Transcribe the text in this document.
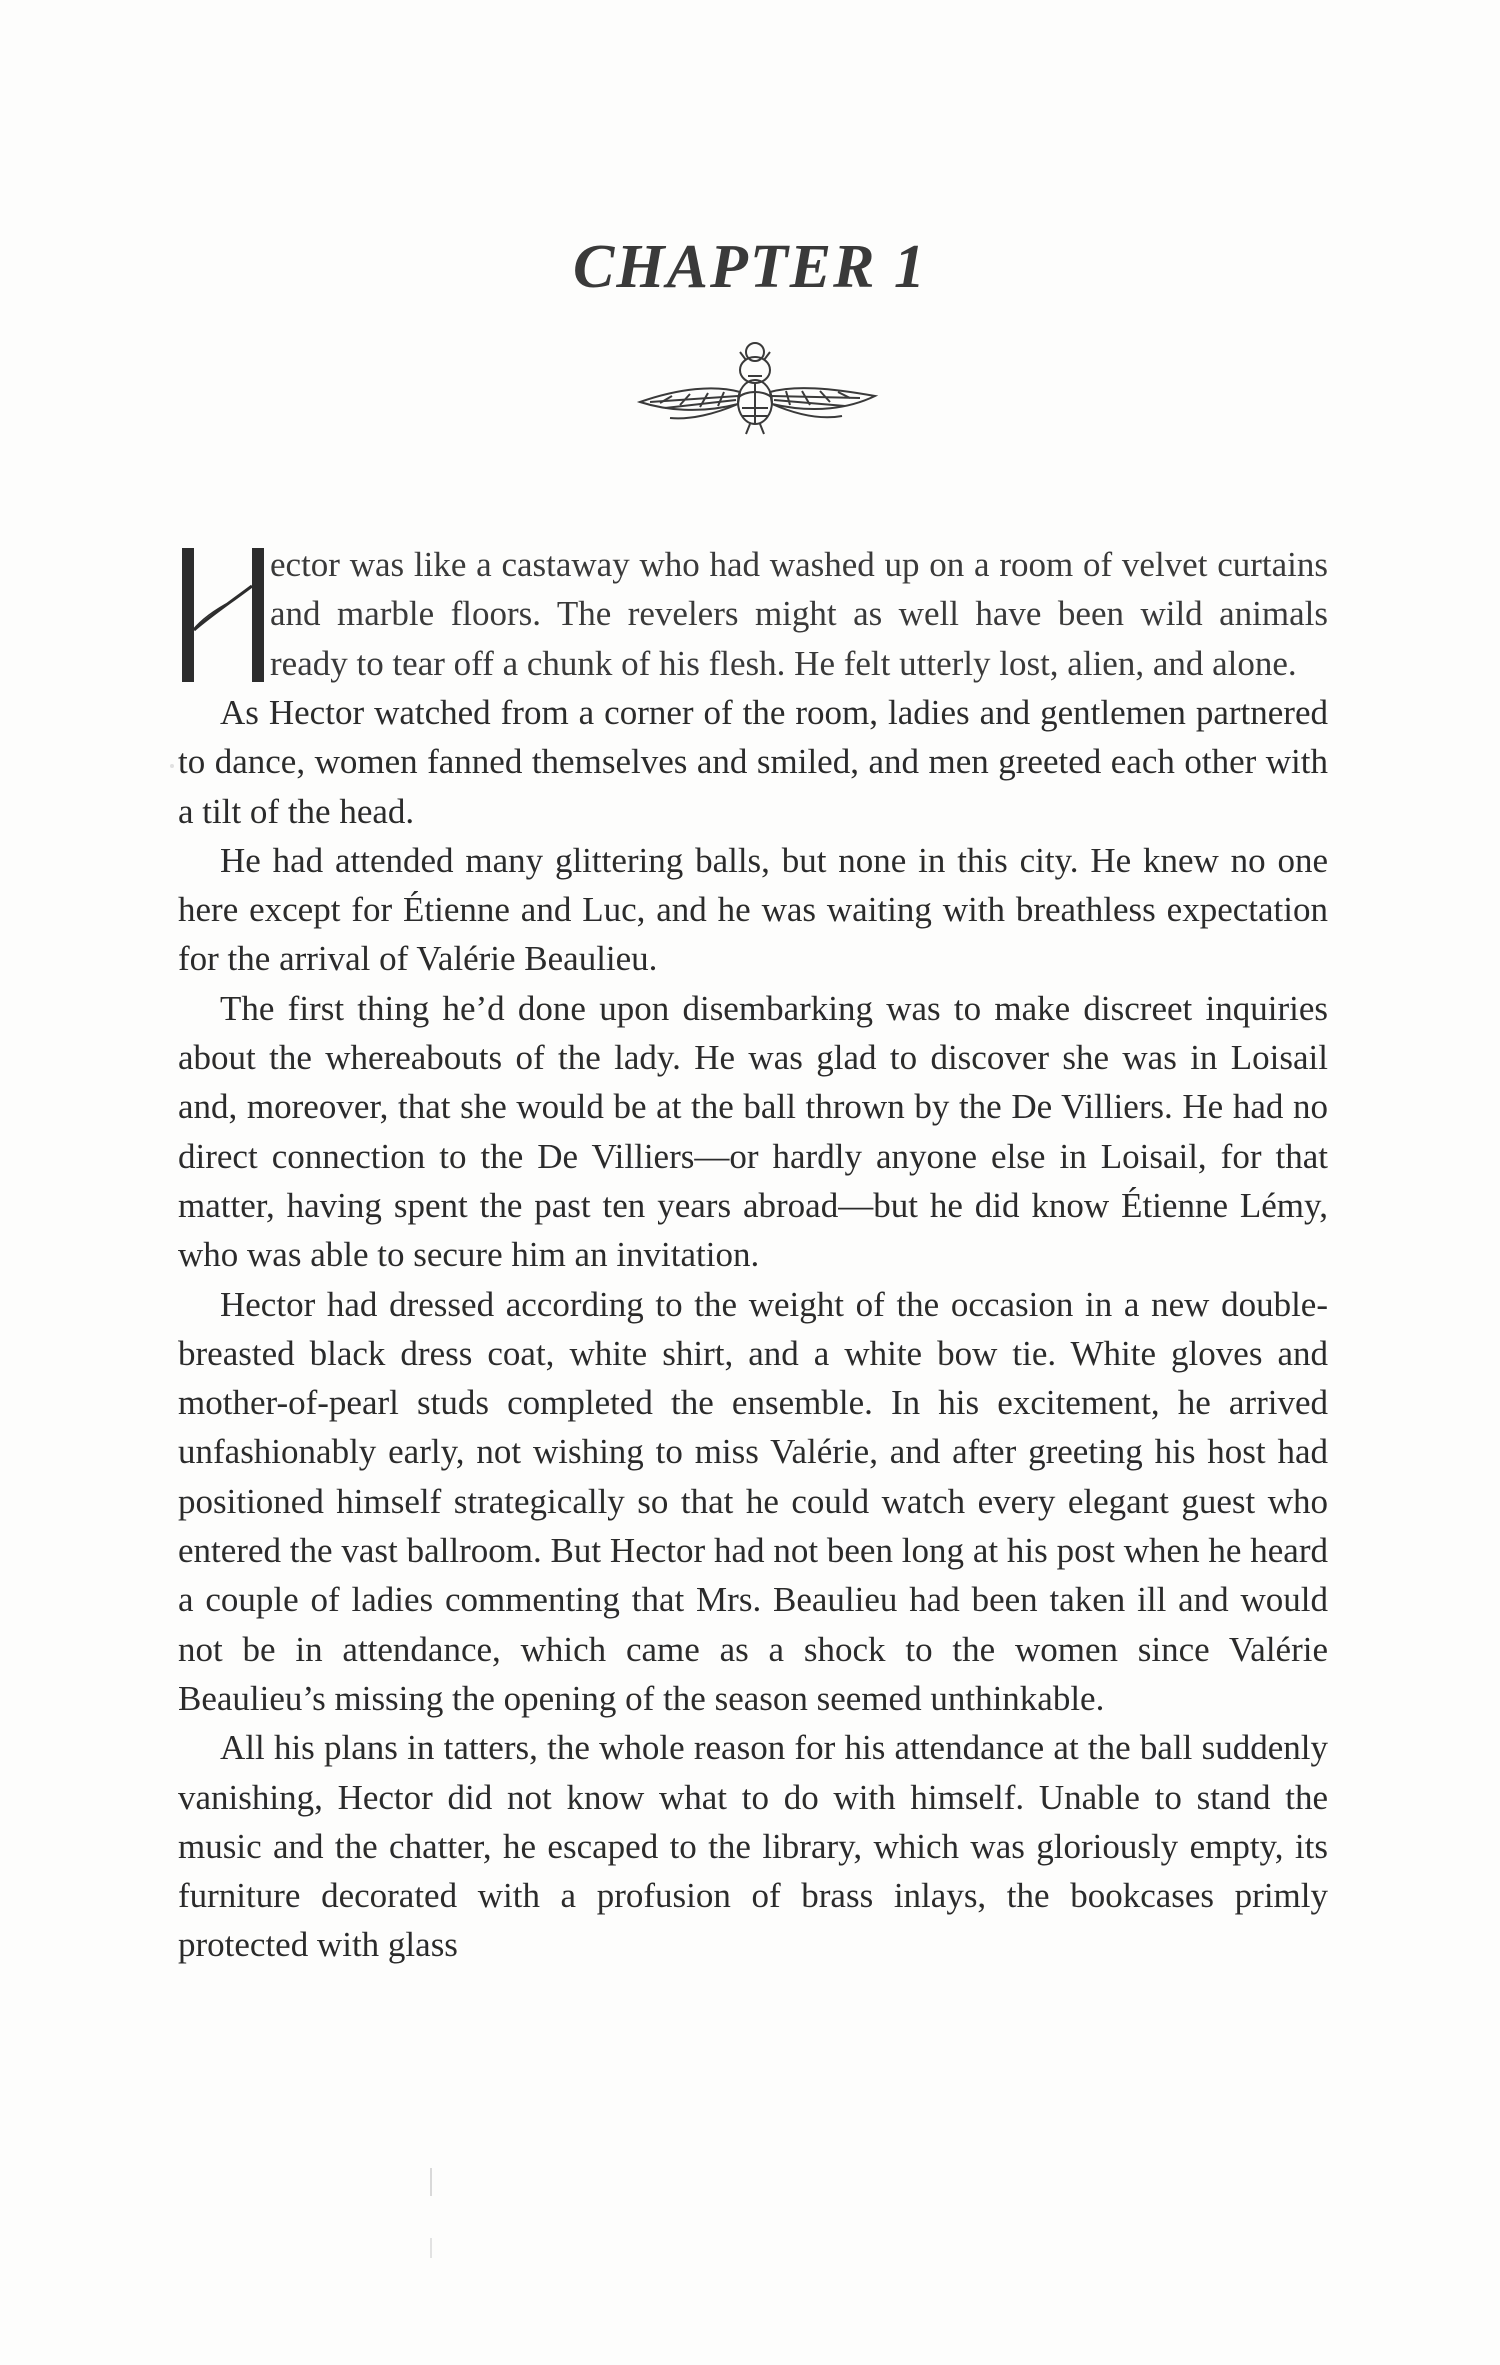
CHAPTER 1

ector was like a castaway who had washed up on a room of velvet curtains and marble floors. The revelers might as well have been wild animals ready to tear off a chunk of his flesh. He felt utterly lost, alien, and alone.

As Hector watched from a corner of the room, ladies and gentlemen partnered to dance, women fanned themselves and smiled, and men greeted each other with a tilt of the head.

He had attended many glittering balls, but none in this city. He knew no one here except for Étienne and Luc, and he was waiting with breathless expectation for the arrival of Valérie Beaulieu.

The first thing he’d done upon disembarking was to make discreet inquiries about the whereabouts of the lady. He was glad to discover she was in Loisail and, moreover, that she would be at the ball thrown by the De Villiers. He had no direct connection to the De Villiers—or hardly anyone else in Loisail, for that matter, having spent the past ten years abroad—but he did know Étienne Lémy, who was able to secure him an invitation.

Hector had dressed according to the weight of the occasion in a new double-breasted black dress coat, white shirt, and a white bow tie. White gloves and mother-of-pearl studs completed the ensemble. In his excitement, he arrived unfashionably early, not wishing to miss Valérie, and after greeting his host had positioned himself strategically so that he could watch every elegant guest who entered the vast ballroom. But Hector had not been long at his post when he heard a couple of ladies commenting that Mrs. Beaulieu had been taken ill and would not be in attendance, which came as a shock to the women since Valérie Beaulieu’s missing the opening of the season seemed unthinkable.

All his plans in tatters, the whole reason for his attendance at the ball suddenly vanishing, Hector did not know what to do with himself. Unable to stand the music and the chatter, he escaped to the library, which was gloriously empty, its furniture decorated with a profusion of brass inlays, the bookcases primly protected with glass
